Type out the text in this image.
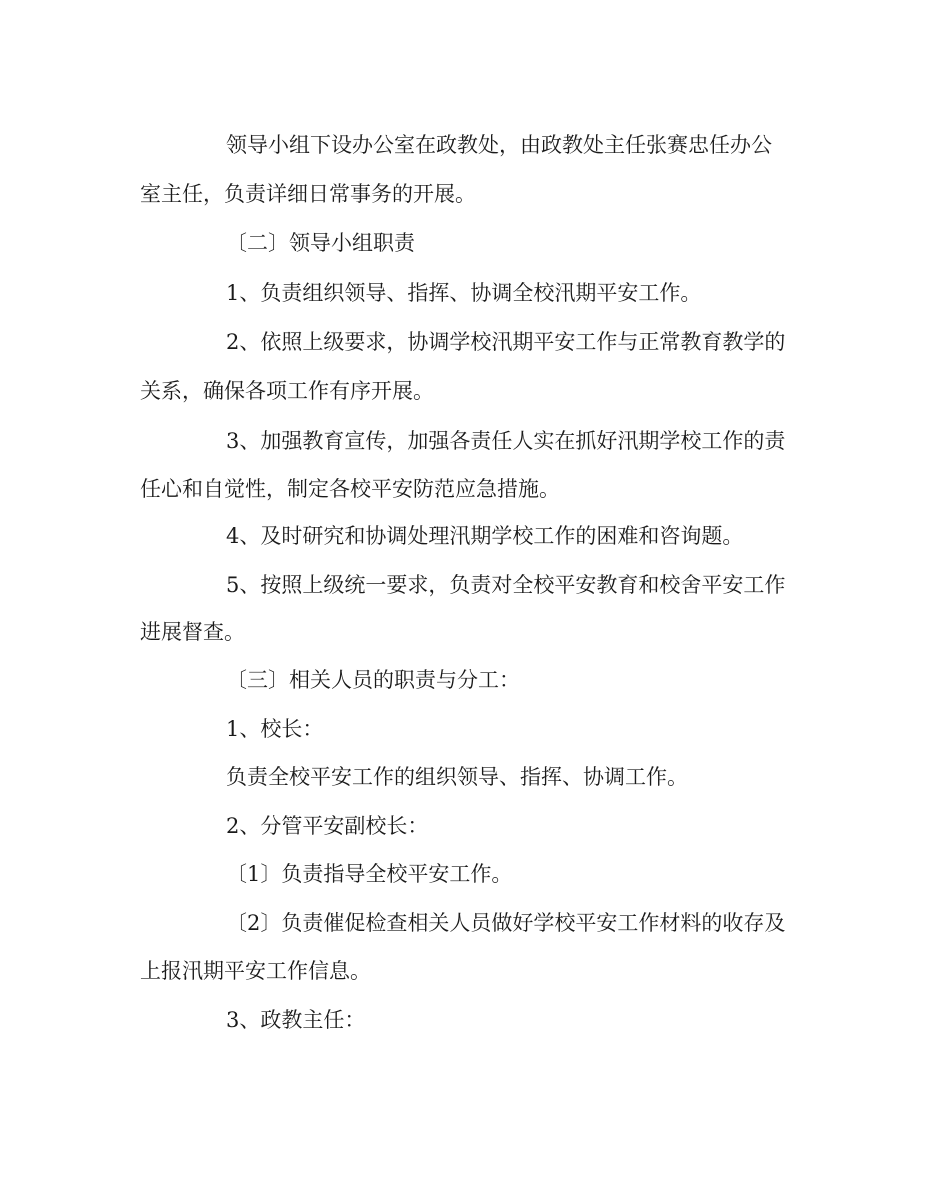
领导小组下设办公室在政教处，由政教处主任张赛忠任办公
室主任，负责详细日常事务的开展。
〔二〕领导小组职责
1、负责组织领导、指挥、协调全校汛期平安工作。
2、依照上级要求，协调学校汛期平安工作与正常教育教学的
关系，确保各项工作有序开展。
3、加强教育宣传，加强各责任人实在抓好汛期学校工作的责
任心和自觉性，制定各校平安防范应急措施。
4、及时研究和协调处理汛期学校工作的困难和咨询题。
5、按照上级统一要求，负责对全校平安教育和校舍平安工作
进展督查。
〔三〕相关人员的职责与分工：
1、校长：
负责全校平安工作的组织领导、指挥、协调工作。
2、分管平安副校长：
〔1〕负责指导全校平安工作。
〔2〕负责催促检查相关人员做好学校平安工作材料的收存及
上报汛期平安工作信息。
3、政教主任：
